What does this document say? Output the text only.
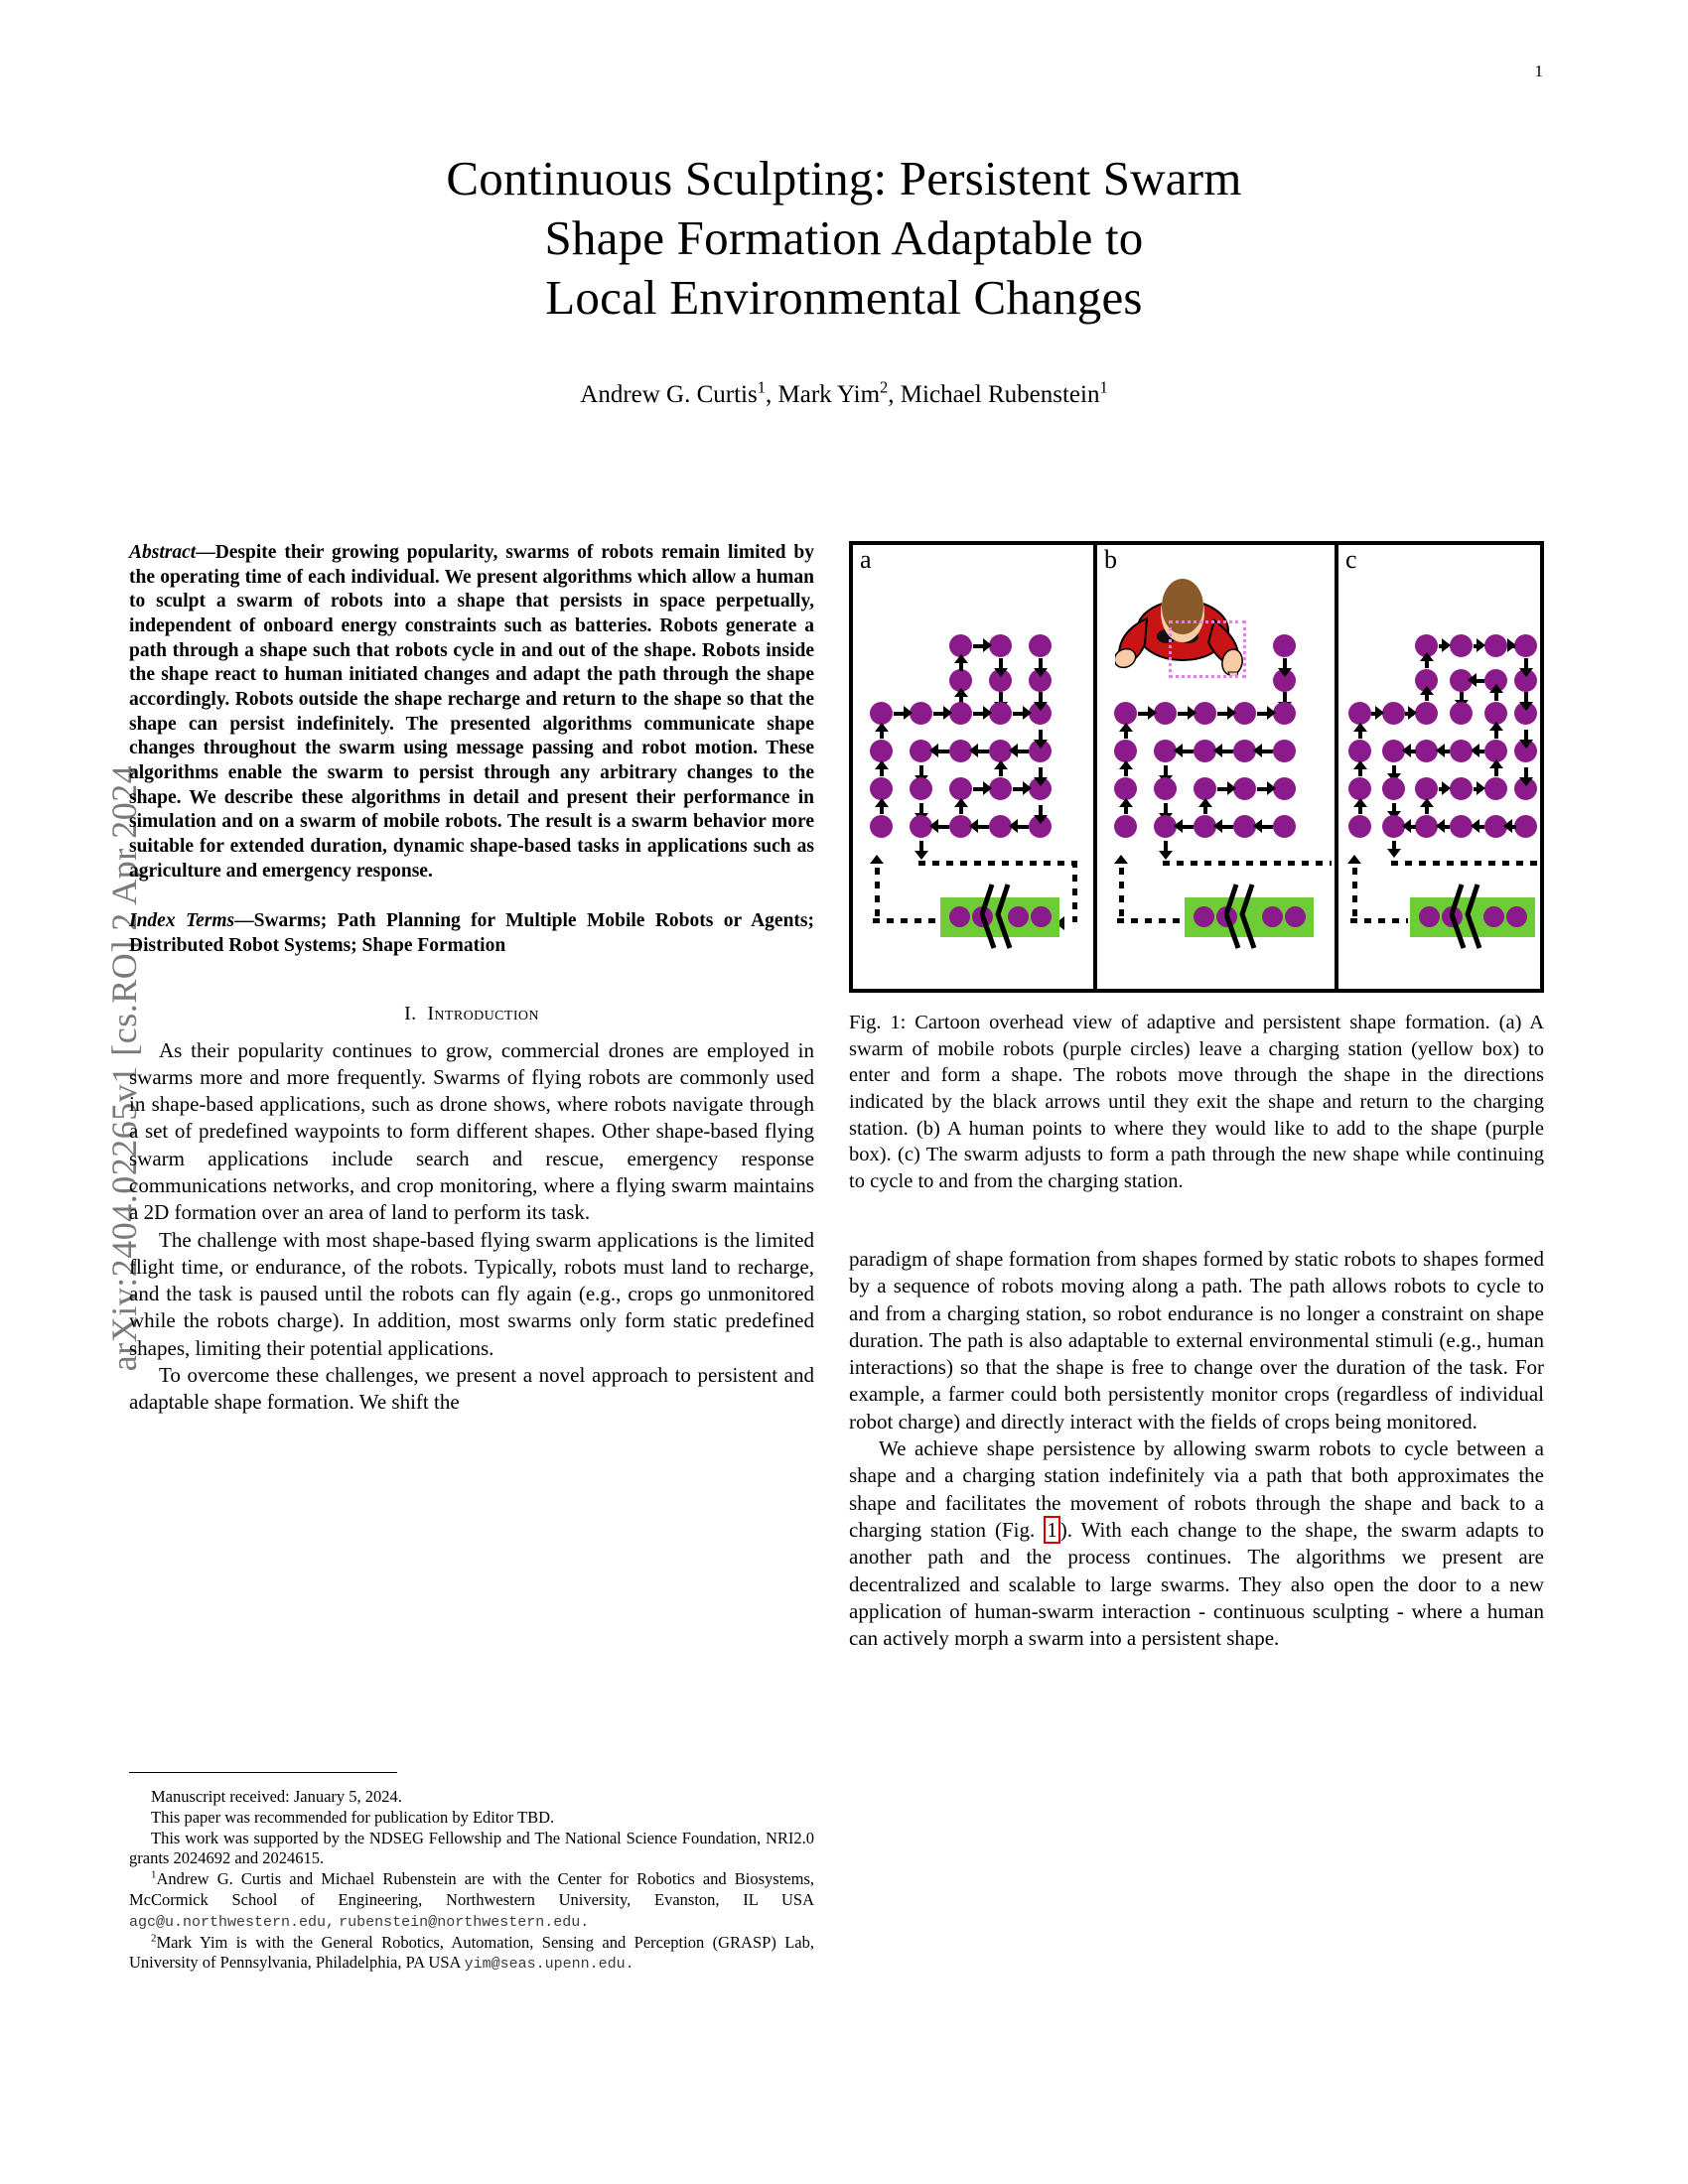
1
arXiv:2404.02265v1 [cs.RO] 2 Apr 2024
Continuous Sculpting: Persistent Swarm
Shape Formation Adaptable to
Local Environmental Changes
Andrew G. Curtis$^1$, Mark Yim$^2$, Michael Rubenstein$^1$

Abstract—Despite their growing popularity, swarms of robots remain limited by the operating time of each individual. We present algorithms which allow a human to sculpt a swarm of robots into a shape that persists in space perpetually, independent of onboard energy constraints such as batteries. Robots generate a path through a shape such that robots cycle in and out of the shape. Robots inside the shape react to human initiated changes and adapt the path through the shape accordingly. Robots outside the shape recharge and return to the shape so that the shape can persist indefinitely. The presented algorithms communicate shape changes throughout the swarm using message passing and robot motion. These algorithms enable the swarm to persist through any arbitrary changes to the shape. We describe these algorithms in detail and present their performance in simulation and on a swarm of mobile robots. The result is a swarm behavior more suitable for extended duration, dynamic shape-based tasks in applications such as agriculture and emergency response.

Index Terms—Swarms; Path Planning for Multiple Mobile Robots or Agents; Distributed Robot Systems; Shape Formation

I. Introduction

As their popularity continues to grow, commercial drones are employed in swarms more and more frequently. Swarms of flying robots are commonly used in shape-based applications, such as drone shows, where robots navigate through a set of predefined waypoints to form different shapes. Other shape-based flying swarm applications include search and rescue, emergency response communications networks, and crop monitoring, where a flying swarm maintains a 2D formation over an area of land to perform its task.

The challenge with most shape-based flying swarm applications is the limited flight time, or endurance, of the robots. Typically, robots must land to recharge, and the task is paused until the robots can fly again (e.g., crops go unmonitored while the robots charge). In addition, most swarms only form static predefined shapes, limiting their potential applications.

To overcome these challenges, we present a novel approach to persistent and adaptable shape formation. We shift the

Manuscript received: January 5, 2024.

This paper was recommended for publication by Editor TBD.

This work was supported by the NDSEG Fellowship and The National Science Foundation, NRI2.0 grants 2024692 and 2024615.

$^1$Andrew G. Curtis and Michael Rubenstein are with the Center for Robotics and Biosystems, McCormick School of Engineering, Northwestern University, Evanston, IL USA agc@u.northwestern.edu, rubenstein@northwestern.edu.

$^2$Mark Yim is with the General Robotics, Automation, Sensing and Perception (GRASP) Lab, University of Pennsylvania, Philadelphia, PA USA yim@seas.upenn.edu.

a	b	c
Fig. 1: Cartoon overhead view of adaptive and persistent shape formation. (a) A swarm of mobile robots (purple circles) leave a charging station (yellow box) to enter and form a shape. The robots move through the shape in the directions indicated by the black arrows until they exit the shape and return to the charging station. (b) A human points to where they would like to add to the shape (purple box). (c) The swarm adjusts to form a path through the new shape while continuing to cycle to and from the charging station.

paradigm of shape formation from shapes formed by static robots to shapes formed by a sequence of robots moving along a path. The path allows robots to cycle to and from a charging station, so robot endurance is no longer a constraint on shape duration. The path is also adaptable to external environmental stimuli (e.g., human interactions) so that the shape is free to change over the duration of the task. For example, a farmer could both persistently monitor crops (regardless of individual robot charge) and directly interact with the fields of crops being monitored.

We achieve shape persistence by allowing swarm robots to cycle between a shape and a charging station indefinitely via a path that both approximates the shape and facilitates the movement of robots through the shape and back to a charging station (Fig. 1 ). With each change to the shape, the swarm adapts to another path and the process continues. The algorithms we present are decentralized and scalable to large swarms. They also open the door to a new application of human-swarm interaction - continuous sculpting - where a human can actively morph a swarm into a persistent shape.
